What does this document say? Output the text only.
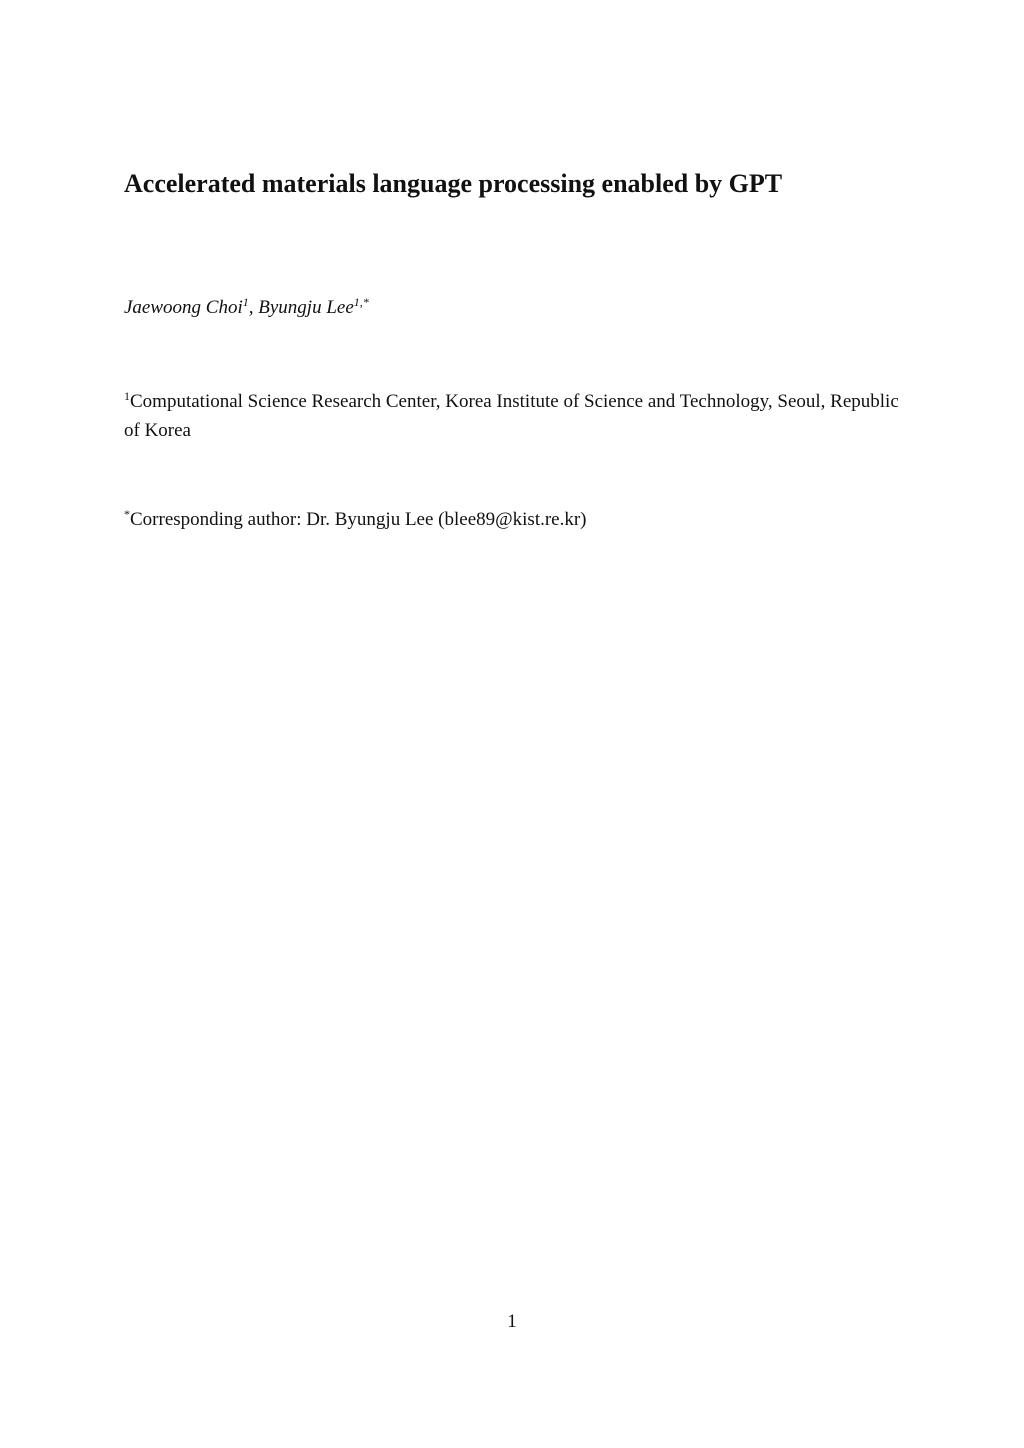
Accelerated materials language processing enabled by GPT

Jaewoong Choi$^1$, Byungju Lee$^{1,*}$

$^1$Computational Science Research Center, Korea Institute of Science and Technology, Seoul, Republic of Korea

*Corresponding author: Dr. Byungju Lee (blee89@kist.re.kr)

1
